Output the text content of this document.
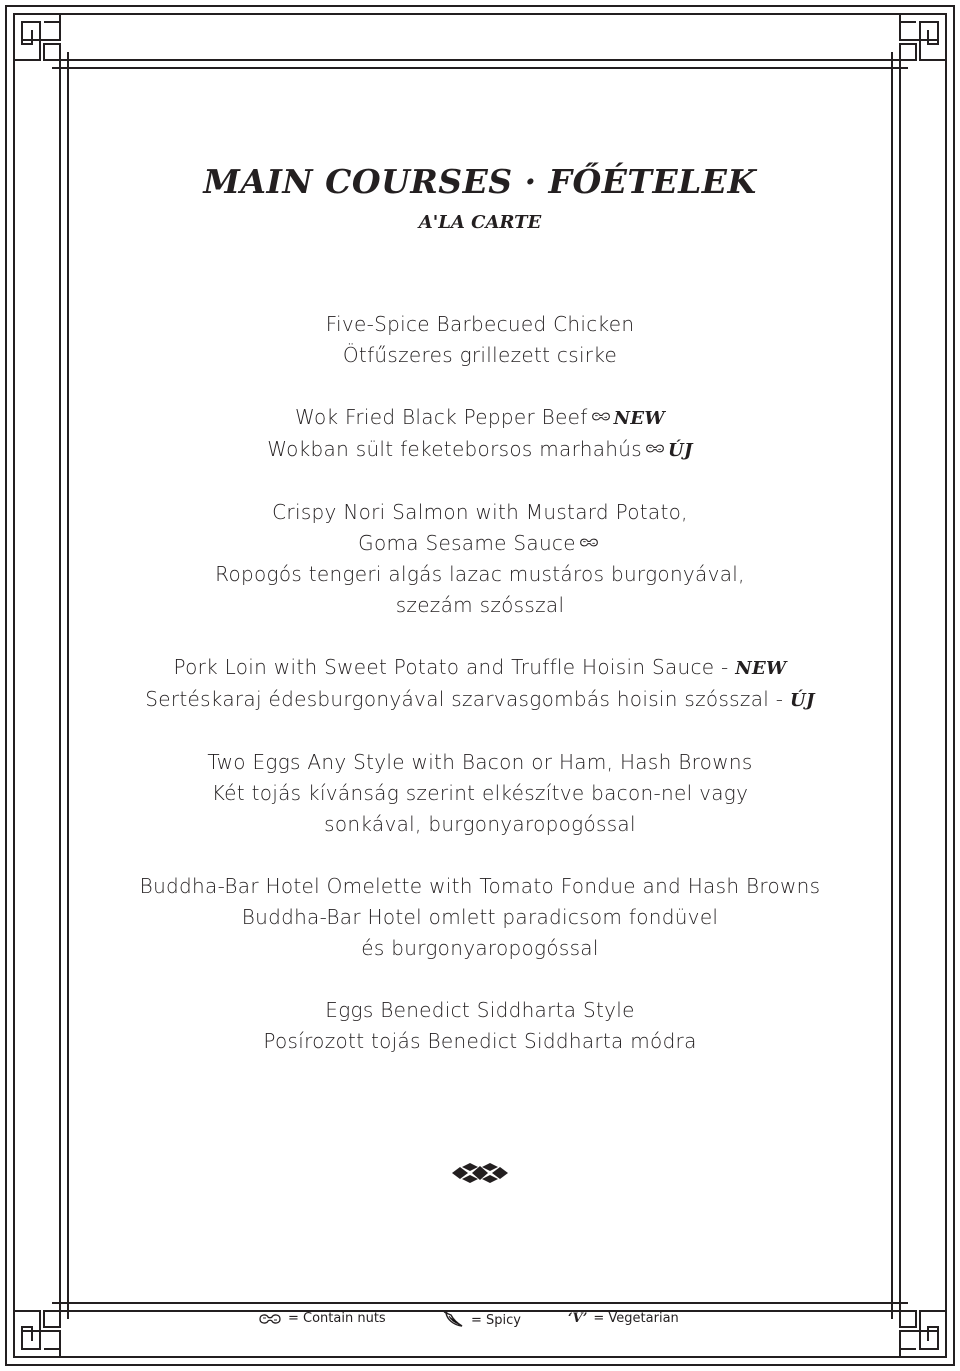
MAIN COURSES · FŐÉTELEK
A'LA CARTE
Five-Spice Barbecued Chicken
Ötfűszeres grillezett csirke
Wok Fried Black Pepper Beef NEW
Wokban sült feketeborsos marhahús ÚJ
Crispy Nori Salmon with Mustard Potato,
Goma Sesame Sauce
Ropogós tengeri algás lazac mustáros burgonyával,
szezám szósszal
Pork Loin with Sweet Potato and Truffle Hoisin Sauce - NEW
Sertéskaraj édesburgonyával szarvasgombás hoisin szósszal - ÚJ
Two Eggs Any Style with Bacon or Ham, Hash Browns
Két tojás kívánság szerint elkészítve bacon-nel vagy
sonkával, burgonyaropogóssal
Buddha-Bar Hotel Omelette with Tomato Fondue and Hash Browns
Buddha-Bar Hotel omlett paradicsom fondüvel
és burgonyaropogóssal
Eggs Benedict Siddharta Style
Posírozott tojás Benedict Siddharta módra
= Contain nuts	= Spicy	‘V’ = Vegetarian
